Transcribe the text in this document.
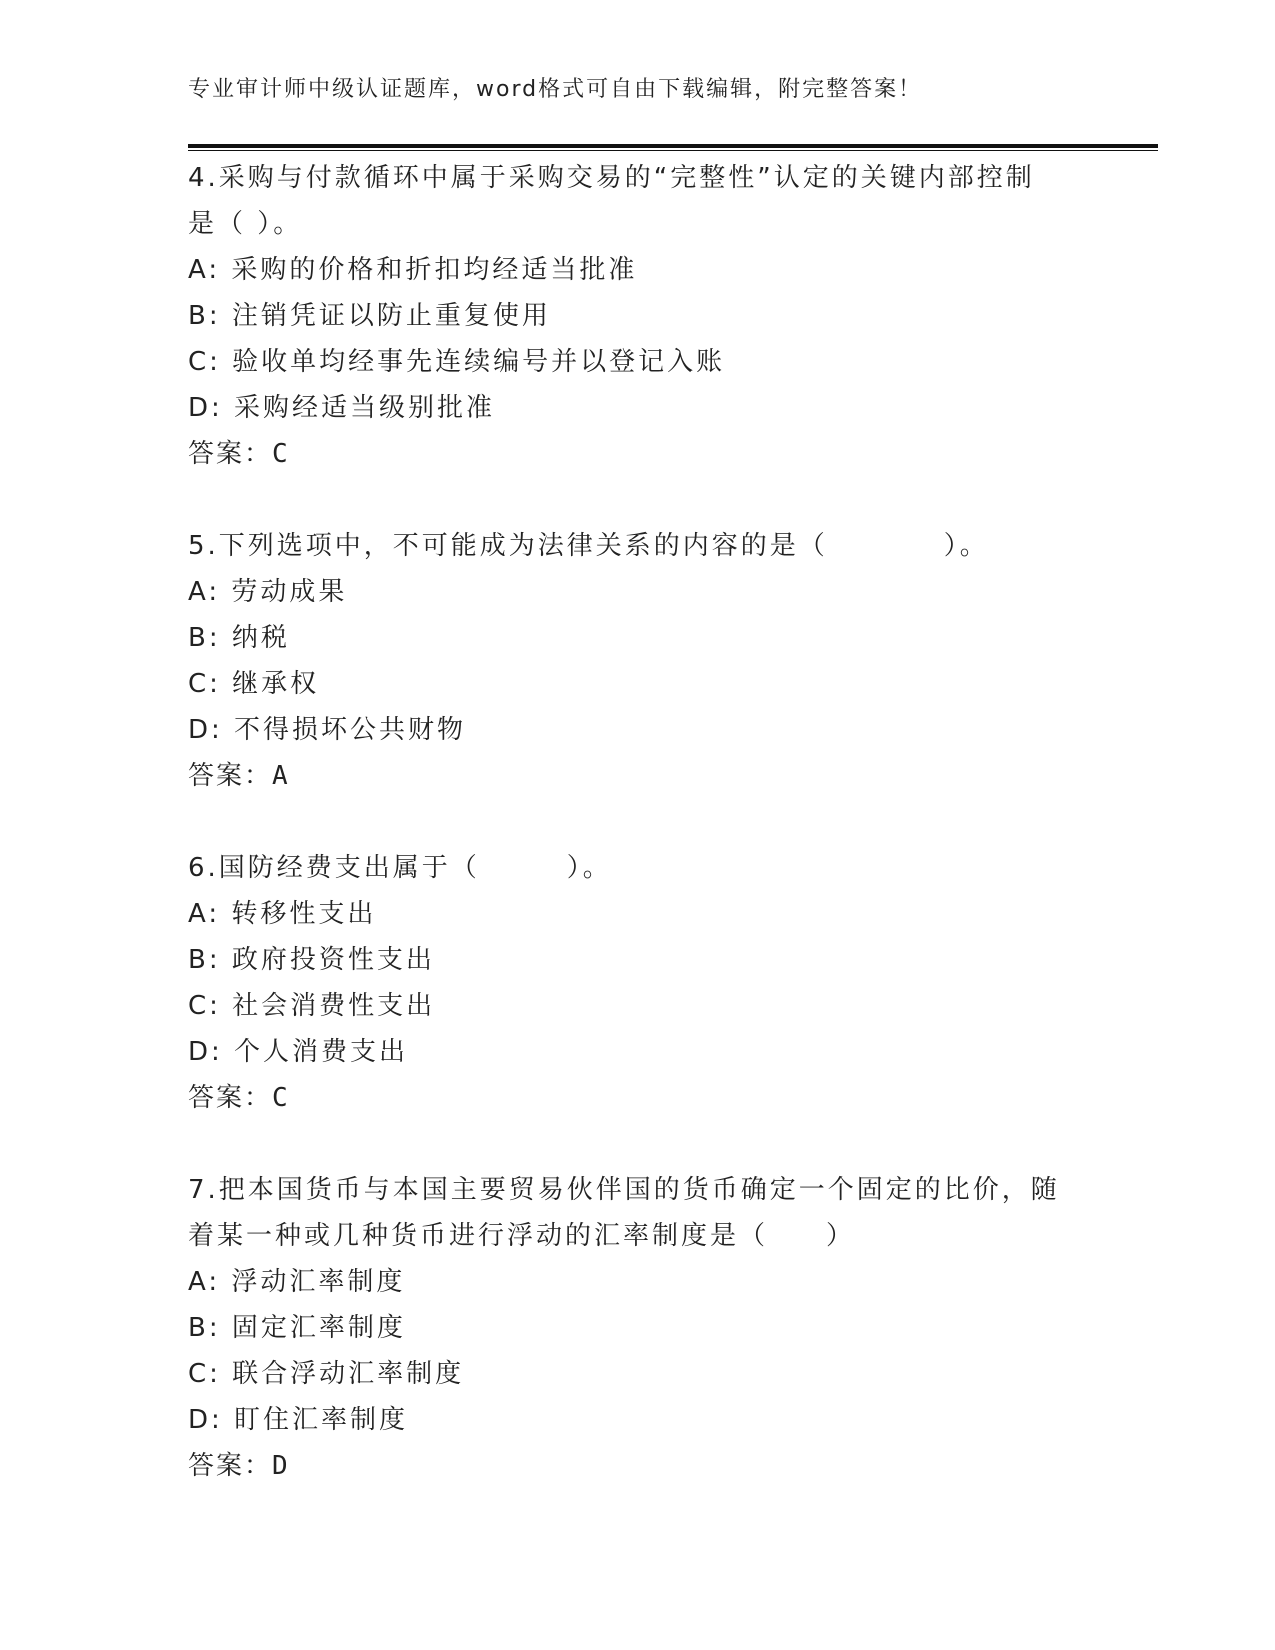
专业审计师中级认证题库，word格式可自由下载编辑，附完整答案！
4.采购与付款循环中属于采购交易的“完整性”认定的关键内部控制
是（ ）。
A: 采购的价格和折扣均经适当批准
B: 注销凭证以防止重复使用
C: 验收单均经事先连续编号并以登记入账
D: 采购经适当级别批准
答案：C
5.下列选项中，不可能成为法律关系的内容的是（　　　　）。
A: 劳动成果
B: 纳税
C: 继承权
D: 不得损坏公共财物
答案：A
6.国防经费支出属于（　　　）。
A: 转移性支出
B: 政府投资性支出
C: 社会消费性支出
D: 个人消费支出
答案：C
7.把本国货币与本国主要贸易伙伴国的货币确定一个固定的比价，随
着某一种或几种货币进行浮动的汇率制度是（　　）
A: 浮动汇率制度
B: 固定汇率制度
C: 联合浮动汇率制度
D: 盯住汇率制度
答案：D
